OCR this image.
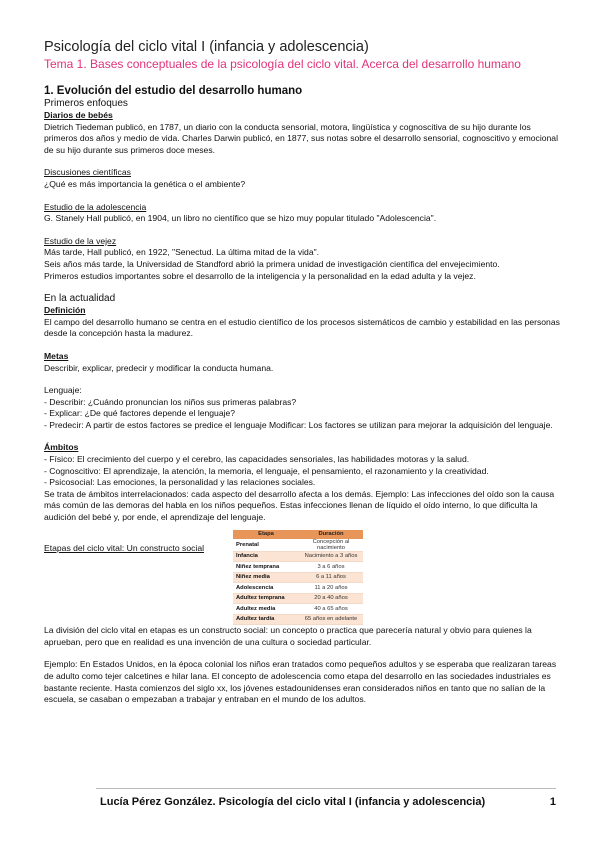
Psicología del ciclo vital I (infancia y adolescencia)

Tema 1. Bases conceptuales de la psicología del ciclo vital. Acerca del desarrollo humano

1. Evolución del estudio del desarrollo humano

Primeros enfoques

Diarios de bebés

Dietrich Tiedeman publicó, en 1787, un diario con la conducta sensorial, motora, lingüística y cognoscitiva de su hijo durante los primeros dos años y medio de vida. Charles Darwin publicó, en 1877, sus notas sobre el desarrollo sensorial, cognoscitivo y emocional de su hijo durante sus primeros doce meses.

Discusiones científicas

¿Qué es más importancia la genética o el ambiente?

Estudio de la adolescencia

G. Stanely Hall publicó, en 1904, un libro no científico que se hizo muy popular titulado "Adolescencia".

Estudio de la vejez

Más tarde, Hall publicó, en 1922, "Senectud. La última mitad de la vida".

Seis años más tarde, la Universidad de Standford abrió la primera unidad de investigación científica del envejecimiento.

Primeros estudios importantes sobre el desarrollo de la inteligencia y la personalidad en la edad adulta y la vejez.

En la actualidad

Definición

El campo del desarrollo humano se centra en el estudio científico de los procesos sistemáticos de cambio y estabilidad en las personas desde la concepción hasta la madurez.

Metas

Describir, explicar, predecir y modificar la conducta humana.

Lenguaje:

- Describir: ¿Cuándo pronuncian los niños sus primeras palabras?

- Explicar: ¿De qué factores depende el lenguaje?

- Predecir: A partir de estos factores se predice el lenguaje Modificar: Los factores se utilizan para mejorar la adquisición del lenguaje.

Ámbitos

- Físico: El crecimiento del cuerpo y el cerebro, las capacidades sensoriales, las habilidades motoras y la salud.

- Cognoscitivo: El aprendizaje, la atención, la memoria, el lenguaje, el pensamiento, el razonamiento y la creatividad.

- Psicosocial: Las emociones, la personalidad y las relaciones sociales.

Se trata de ámbitos interrelacionados: cada aspecto del desarrollo afecta a los demás. Ejemplo: Las infecciones del oído son la causa más común de las demoras del habla en los niños pequeños. Estas infecciones llenan de líquido el oído interno, lo que dificulta la audición del bebé y, por ende, el aprendizaje del lenguaje.

Etapas del ciclo vital: Un constructo social
Etapa	Duración
Prenatal	Concepción al nacimiento
Infancia	Nacimiento a 3 años
Niñez temprana	3 a 6 años
Niñez media	6 a 11 años
Adolescencia	11 a 20 años
Adultez temprana	20 a 40 años
Adultez media	40 a 65 años
Adultez tardía	65 años en adelante

La división del ciclo vital en etapas es un constructo social: un concepto o practica que parecería natural y obvio para quienes la aprueban, pero que en realidad es una invención de una cultura o sociedad particular.

Ejemplo: En Estados Unidos, en la época colonial los niños eran tratados como pequeños adultos y se esperaba que realizaran tareas de adulto como tejer calcetines e hilar lana. El concepto de adolescencia como etapa del desarrollo en las sociedades industriales es bastante reciente. Hasta comienzos del siglo xx, los jóvenes estadounidenses eran considerados niños en tanto que no salían de la escuela, se casaban o empezaban a trabajar y entraban en el mundo de los adultos.

Lucía Pérez González. Psicología del ciclo vital I (infancia y adolescencia)	1
